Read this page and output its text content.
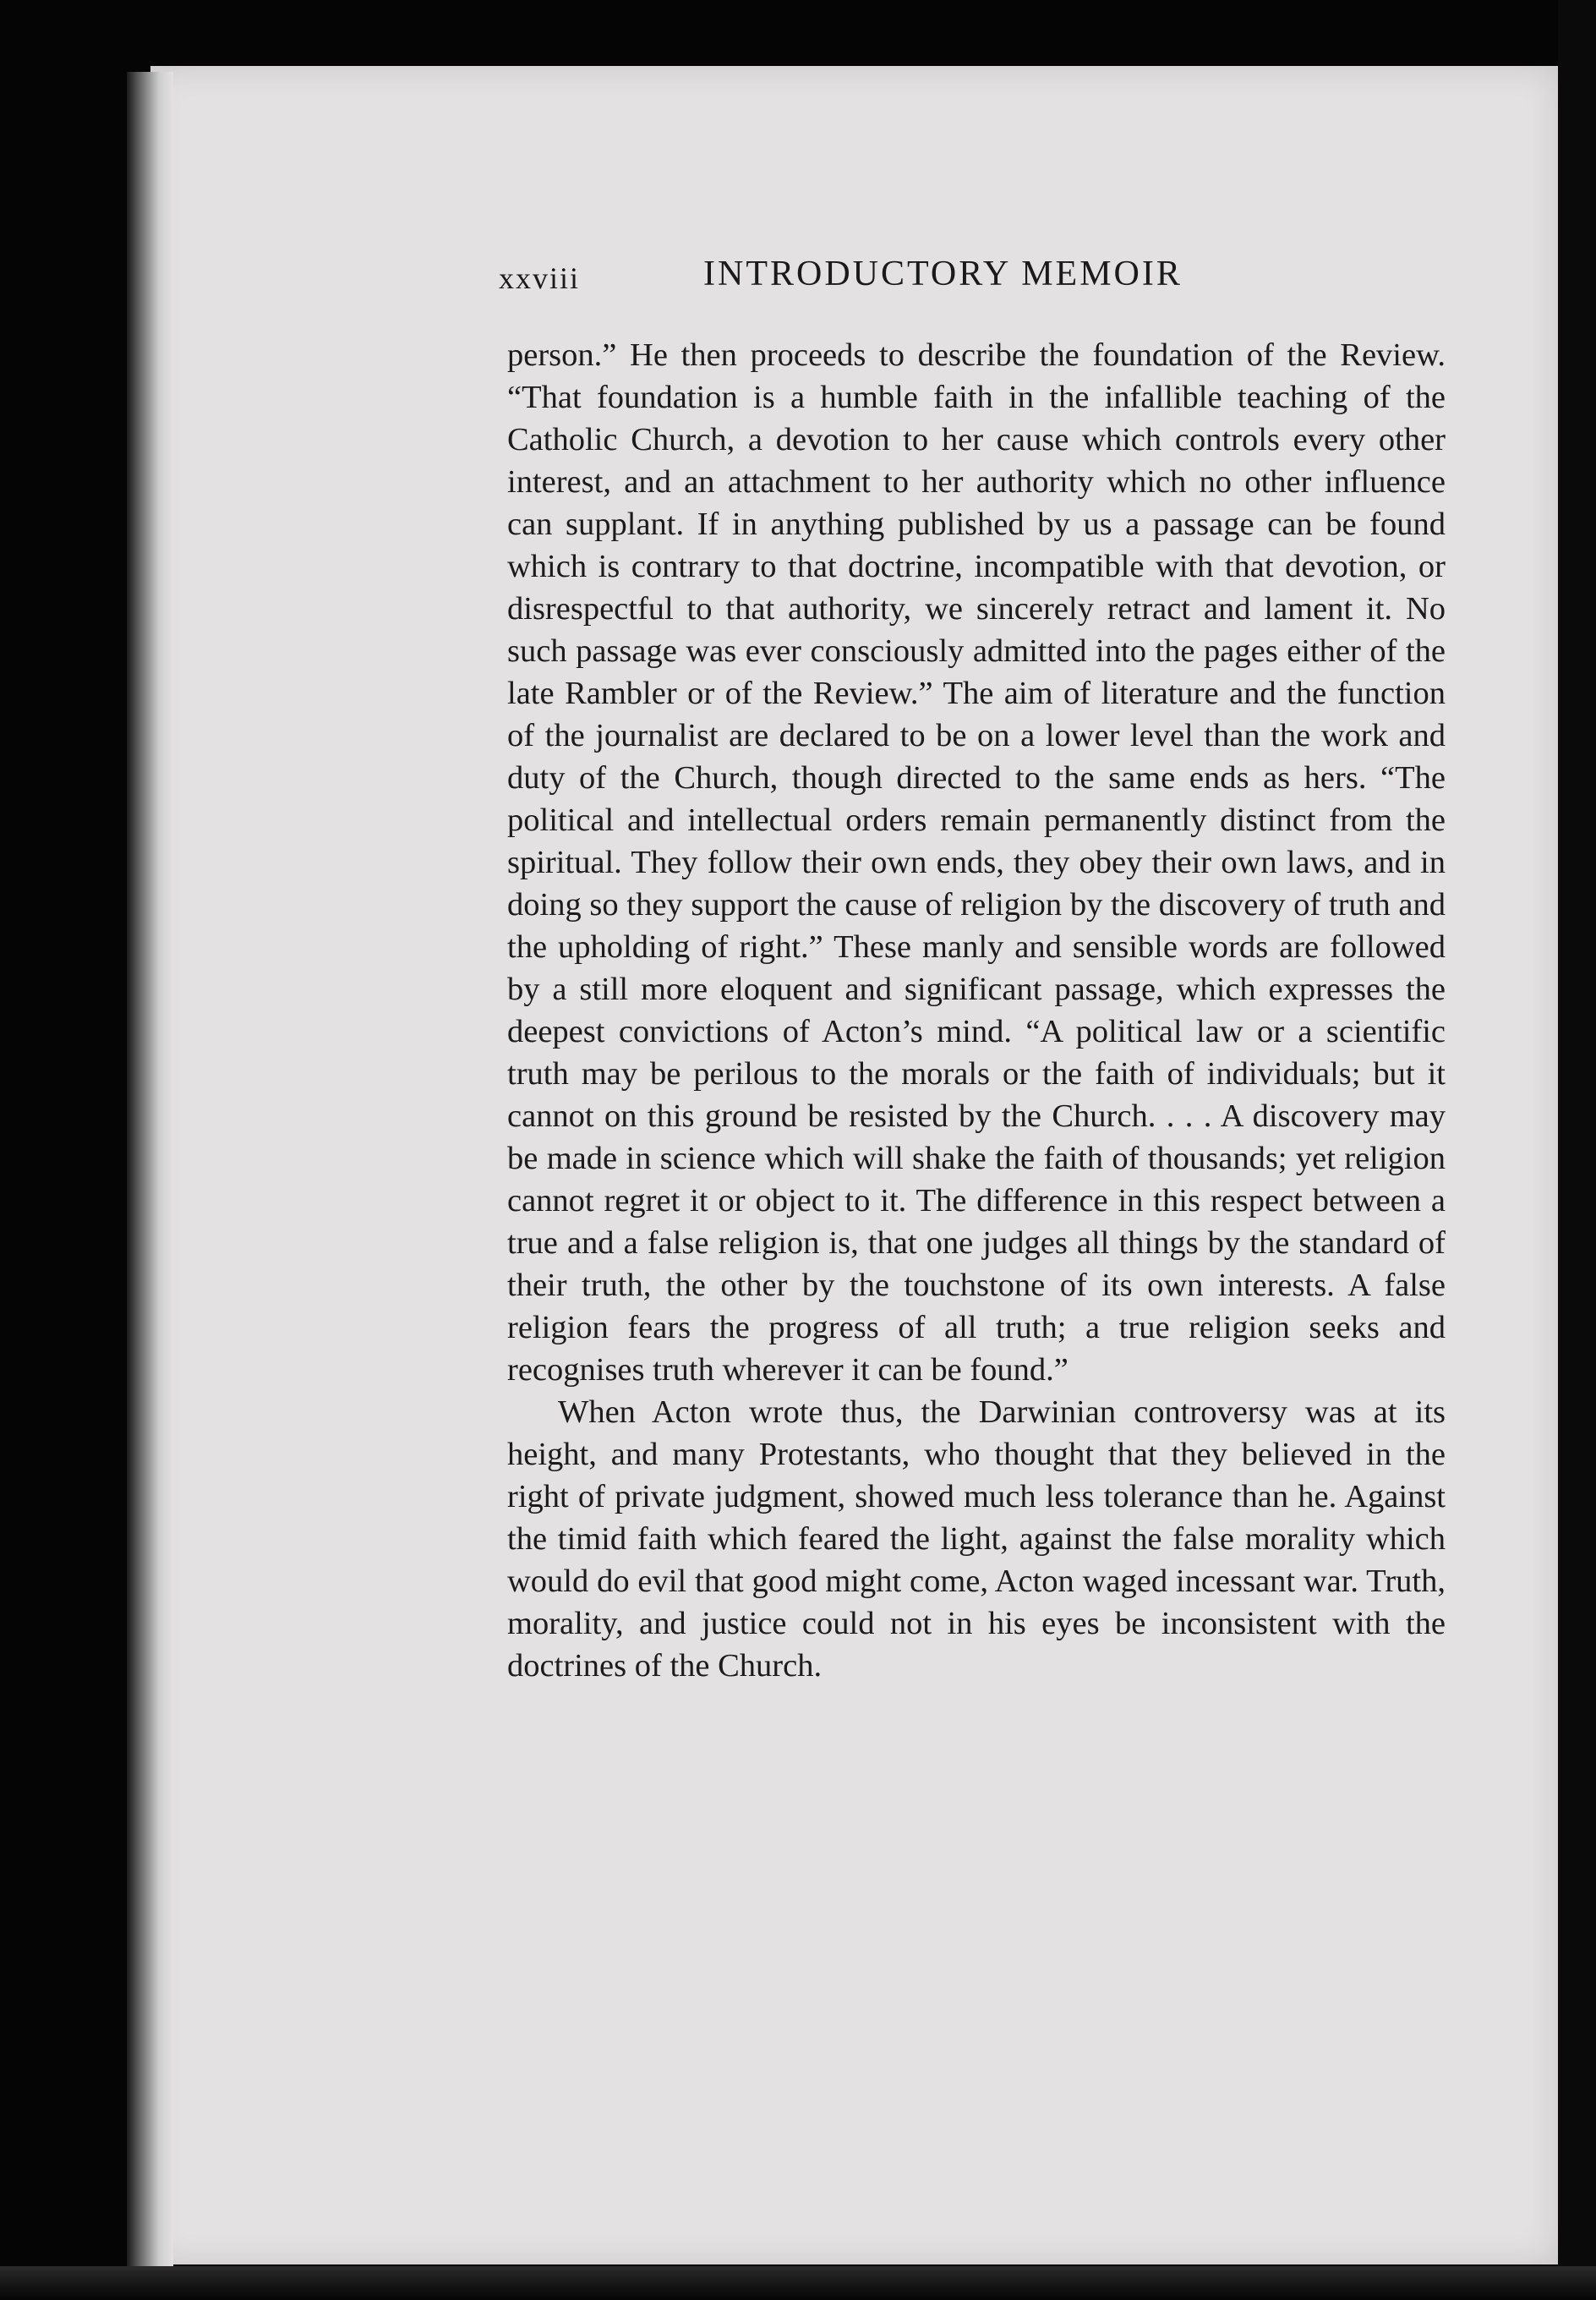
xxviii	INTRODUCTORY MEMOIR

person.” He then proceeds to describe the foundation of the Review. “That foundation is a humble faith in the infallible teaching of the Catholic Church, a devotion to her cause which controls every other interest, and an attachment to her authority which no other influence can supplant. If in anything published by us a passage can be found which is contrary to that doctrine, incompatible with that devotion, or disrespectful to that authority, we sincerely retract and lament it. No such passage was ever consciously admitted into the pages either of the late Rambler or of the Review.” The aim of literature and the function of the journalist are declared to be on a lower level than the work and duty of the Church, though directed to the same ends as hers. “The political and intellectual orders remain permanently distinct from the spiritual. They follow their own ends, they obey their own laws, and in doing so they support the cause of religion by the discovery of truth and the upholding of right.” These manly and sensible words are followed by a still more eloquent and significant passage, which expresses the deepest convictions of Acton’s mind. “A political law or a scientific truth may be perilous to the morals or the faith of individuals; but it cannot on this ground be resisted by the Church. . . . A discovery may be made in science which will shake the faith of thousands; yet religion cannot regret it or object to it. The difference in this respect between a true and a false religion is, that one judges all things by the standard of their truth, the other by the touchstone of its own interests. A false religion fears the progress of all truth; a true religion seeks and recognises truth wherever it can be found.”

When Acton wrote thus, the Darwinian controversy was at its height, and many Protestants, who thought that they believed in the right of private judgment, showed much less tolerance than he. Against the timid faith which feared the light, against the false morality which would do evil that good might come, Acton waged incessant war. Truth, morality, and justice could not in his eyes be inconsistent with the doctrines of the Church.
